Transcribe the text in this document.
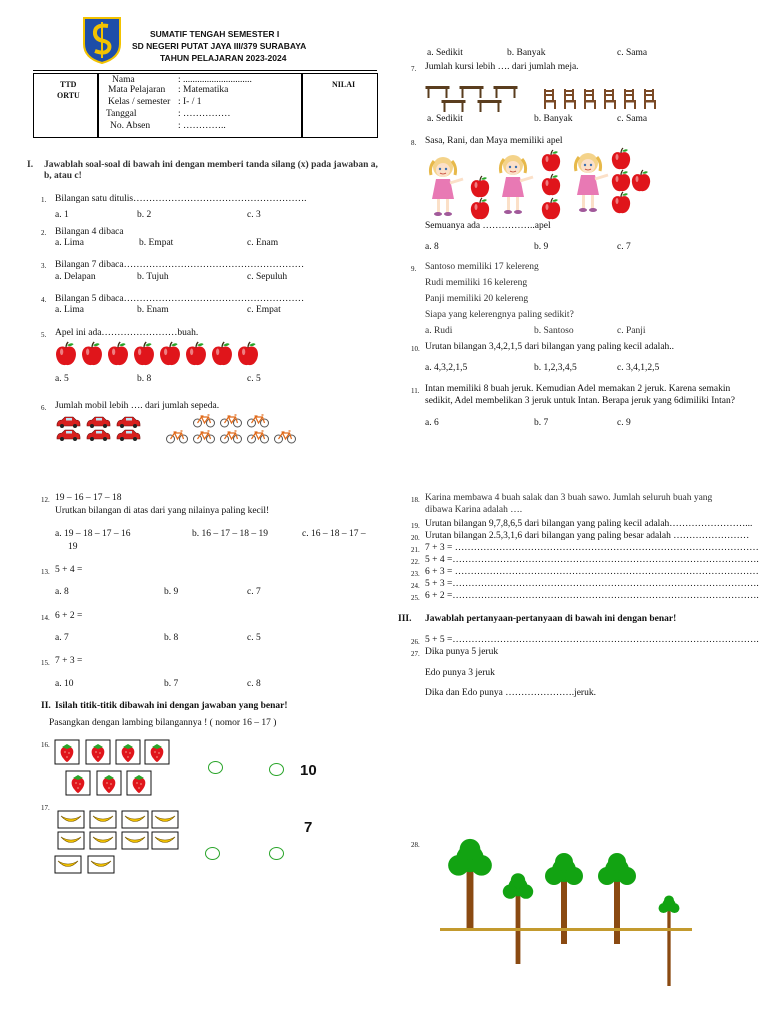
SUMATIF TENGAH SEMESTER I
SD NEGERI PUTAT JAYA III/379 SURABAYA
TAHUN PELAJARAN 2023-2024
TTD
ORTU
NILAI
Nama	: .............................
Mata Pelajaran : Matematika
Kelas / semester : I- / 1
Tanggal	: ……………
No. Absen	: …………..
I. Jawablah soal-soal di bawah ini dengan memberi tanda silang (x) pada jawaban a,
b, atau c!
1. Bilangan satu ditulis……………………………………………….
a. 1	b. 2	c. 3
2. Bilangan 4 dibaca
a. Lima	b. Empat	c. Enam
3. Bilangan 7 dibaca…………………………………………………
a. Delapan	b. Tujuh	c. Sepuluh
4. Bilangan 5 dibaca…………………………………………………
a. Lima	b. Enam	c. Empat
5. Apel ini ada……………………buah.
a. 5	b. 8	c. 5
6. Jumlah mobil lebih …. dari jumlah sepeda.
a. Sedikit	b. Banyak	c. Sama
7. Jumlah kursi lebih …. dari jumlah meja.
a. Sedikit	b. Banyak	c. Sama
8. Sasa, Rani, dan Maya memiliki apel
Semuanya ada ……………..apel
a. 8	b. 9	c. 7
9. Santoso memiliki 17 kelereng
Rudi memiliki 16 kelereng
Panji memiliki 20 kelereng
Siapa yang kelerengnya paling sedikit?
a. Rudi	b. Santoso	c. Panji
10. Urutan bilangan 3,4,2,1,5 dari bilangan yang paling kecil adalah..
a. 4,3,2,1,5	b. 1,2,3,4,5	c. 3,4,1,2,5
11. Intan memiliki 8 buah jeruk. Kemudian Adel memakan 2 jeruk. Karena semakin
sedikit, Adel membelikan 3 jeruk untuk Intan. Berapa jeruk yang 6dimiliki Intan?
a. 6	b. 7	c. 9
12. 19 – 16 – 17 – 18
Urutkan bilangan di atas dari yang nilainya paling kecil!
a. 19 – 18 – 17 – 16	b. 16 – 17 – 18 – 19	c. 16 – 18 – 17 –
19
13. 5 + 4 =
a. 8	b. 9	c. 7
14. 6 + 2 =
a. 7	b. 8	c. 5
15. 7 + 3 =
a. 10	b. 7	c. 8
II. Isilah titik-titik dibawah ini dengan jawaban yang benar!
Pasangkan dengan lambing bilangannya ! ( nomor 16 – 17 )
16.
10
17.
7
18. Karina membawa 4 buah salak dan 3 buah sawo. Jumlah seluruh buah yang
dibawa Karina adalah ….
19. Urutan bilangan 9,7,8,6,5 dari bilangan yang paling kecil adalah……………………...
20. Urutan bilangan 2.5,3,1,6 dari bilangan yang paling besar adalah ……………………
21. 7 + 3 = ……………………………………………………………………………………
22. 5 + 4 =…………………………………………………………………………………….
23. 6 + 3 = ……………………………………………………………………………………
24. 5 + 3 =…………………………………………………………………………………….
25. 6 + 2 =…………………………………………………………………………………….
III. Jawablah pertanyaan-pertanyaan di bawah ini dengan benar!
26. 5 + 5 =…………………………………………………………………………………….
27. Dika punya 5 jeruk
Edo punya 3 jeruk
Dika dan Edo punya ………………….jeruk.
28.
